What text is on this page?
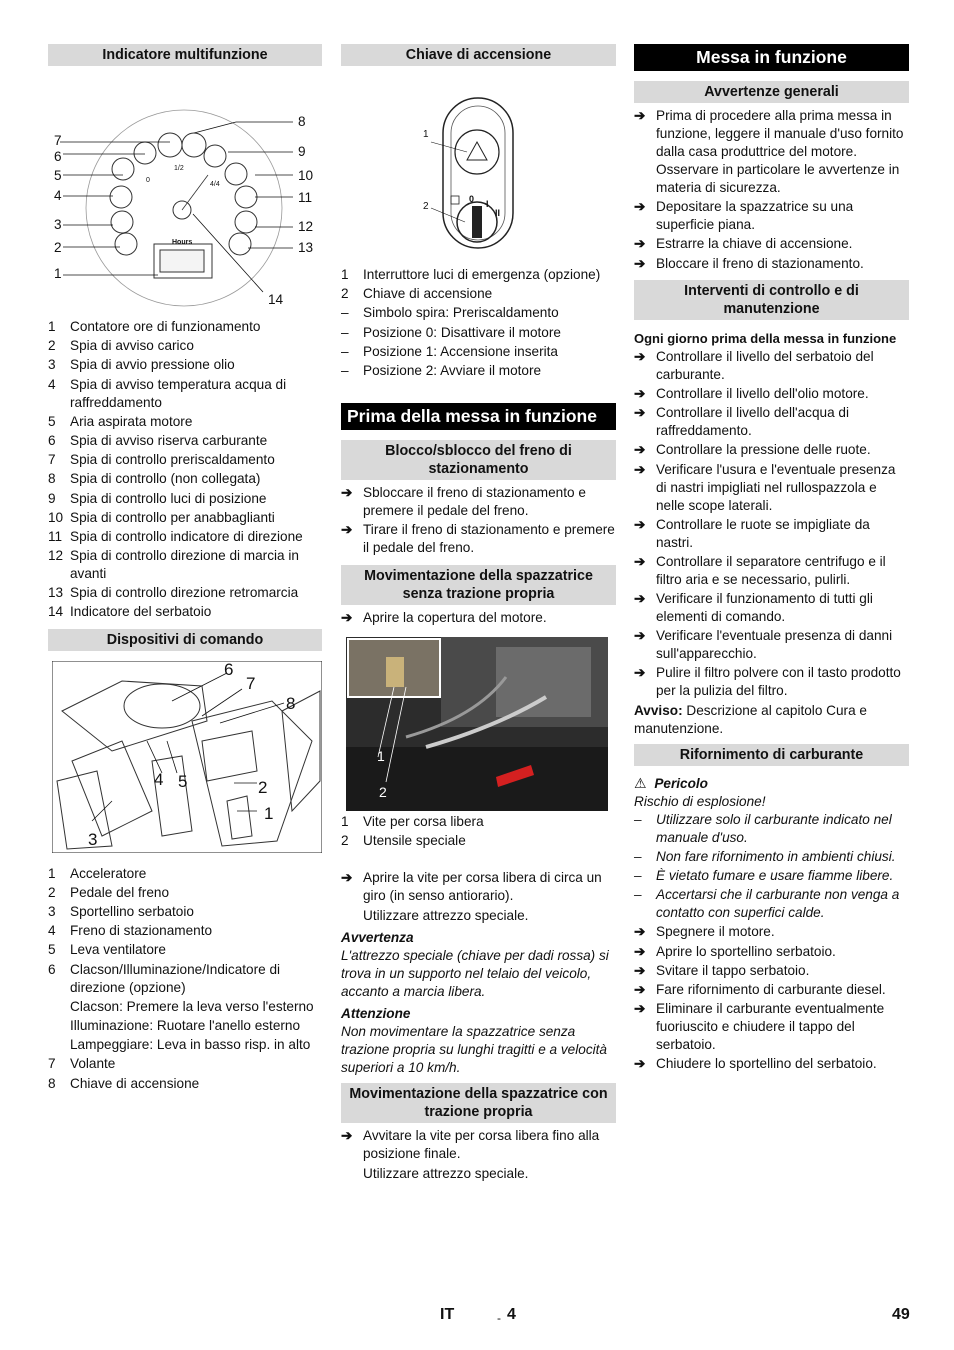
Indicatore multifunzione
1/2
0
4/4
Hours
7
6
5
4
3
2
1
8
9
10
11
12
13
14
1	Contatore ore di funzionamento
2	Spia di avviso carico
3	Spia di avvio pressione olio
4	Spia di avviso temperatura acqua di raffreddamento
5	Aria aspirata motore
6	Spia di avviso riserva carburante
7	Spia di controllo preriscaldamento
8	Spia di controllo (non collegata)
9	Spia di controllo luci di posizione
10 Spia di controllo per anabbaglianti
11 Spia di controllo indicatore di direzione
12 Spia di controllo direzione di marcia in avanti
13 Spia di controllo direzione retromarcia
14 Indicatore del serbatoio
Dispositivi di comando
6
7
8
4 5	2
1
3
1	Acceleratore
2	Pedale del freno
3	Sportellino serbatoio
4	Freno di stazionamento
5	Leva ventilatore
6	Clacson/Illuminazione/Indicatore di direzione (opzione)
Clacson: Premere la leva verso l'esterno
Illuminazione: Ruotare l'anello esterno
Lampeggiare: Leva in basso risp. in alto
7	Volante
8	Chiave di accensione
Chiave di accensione
1
2
0 I
II
1	Interruttore luci di emergenza (opzione)
2	Chiave di accensione
–	Simbolo spira: Preriscaldamento
–	Posizione 0: Disattivare il motore
–	Posizione 1: Accensione inserita
–	Posizione 2: Avviare il motore
Prima della messa in funzione
Blocco/sblocco del freno di stazionamento
➔ Sbloccare il freno di stazionamento e premere il pedale del freno.
➔ Tirare il freno di stazionamento e premere il pedale del freno.
Movimentazione della spazzatrice senza trazione propria
➔ Aprire la copertura del motore.
1
2
1	Vite per corsa libera
2	Utensile speciale
➔ Aprire la vite per corsa libera di circa un giro (in senso antiorario).
Utilizzare attrezzo speciale.
Avvertenza
L'attrezzo speciale (chiave per dadi rossa) si trova in un supporto nel telaio del veicolo, accanto a marcia libera.
Attenzione
Non movimentare la spazzatrice senza trazione propria su lunghi tragitti e a velocità superiori a 10 km/h.
Movimentazione della spazzatrice con trazione propria
➔ Avvitare la vite per corsa libera fino alla posizione finale.
Utilizzare attrezzo speciale.
Messa in funzione
Avvertenze generali
➔ Prima di procedere alla prima messa in funzione, leggere il manuale d'uso fornito dalla casa produttrice del motore. Osservare in particolare le avvertenze in materia di sicurezza.
➔ Depositare la spazzatrice su una superficie piana.
➔ Estrarre la chiave di accensione.
➔ Bloccare il freno di stazionamento.
Interventi di controllo e di manutenzione
Ogni giorno prima della messa in funzione
➔ Controllare il livello del serbatoio del carburante.
➔ Controllare il livello dell'olio motore.
➔ Controllare il livello dell'acqua di raffreddamento.
➔ Controllare la pressione delle ruote.
➔ Verificare l'usura e l'eventuale presenza di nastri impigliati nel rullospazzola e nelle scope laterali.
➔ Controllare le ruote se impigliate da nastri.
➔ Controllare il separatore centrifugo e il filtro aria e se necessario, pulirli.
➔ Verificare il funzionamento di tutti gli elementi di comando.
➔ Verificare l'eventuale presenza di danni sull'apparecchio.
➔ Pulire il filtro polvere con il tasto prodotto per la pulizia del filtro.
Avviso: Descrizione al capitolo Cura e manutenzione.
Rifornimento di carburante
⚠ Pericolo
Rischio di esplosione!
–	Utilizzare solo il carburante indicato nel manuale d'uso.
–	Non fare rifornimento in ambienti chiusi.
–	È vietato fumare e usare fiamme libere.
–	Accertarsi che il carburante non venga a contatto con superfici calde.
➔ Spegnere il motore.
➔ Aprire lo sportellino serbatoio.
➔ Svitare il tappo serbatoio.
➔ Fare rifornimento di carburante diesel.
➔ Eliminare il carburante eventualmente fuoriuscito e chiudere il tappo del serbatoio.
➔ Chiudere lo sportellino del serbatoio.
IT	- 4	49
